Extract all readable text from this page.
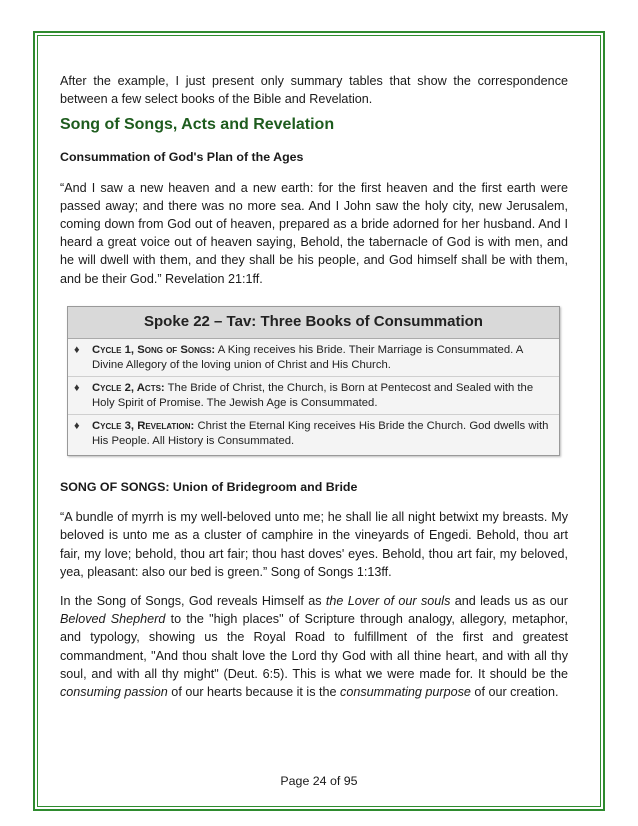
After the example, I just present only summary tables that show the correspondence between a few select books of the Bible and Revelation.

Song of Songs, Acts and Revelation

Consummation of God's Plan of the Ages

“And I saw a new heaven and a new earth: for the first heaven and the first earth were passed away; and there was no more sea. And I John saw the holy city, new Jerusalem, coming down from God out of heaven, prepared as a bride adorned for her husband. And I heard a great voice out of heaven saying, Behold, the tabernacle of God is with men, and he will dwell with them, and they shall be his people, and God himself shall be with them, and be their God.” Revelation 21:1ff.

Spoke 22 – Tav: Three Books of Consummation
♦	Cycle 1, Song of Songs: A King receives his Bride. Their Marriage is Consummated. A Divine Allegory of the loving union of Christ and His Church.
♦	Cycle 2, Acts: The Bride of Christ, the Church, is Born at Pentecost and Sealed with the Holy Spirit of Promise. The Jewish Age is Consummated.
♦	Cycle 3, Revelation: Christ the Eternal King receives His Bride the Church. God dwells with His People. All History is Consummated.

SONG OF SONGS: Union of Bridegroom and Bride

“A bundle of myrrh is my well-beloved unto me; he shall lie all night betwixt my breasts. My beloved is unto me as a cluster of camphire in the vineyards of Engedi. Behold, thou art fair, my love; behold, thou art fair; thou hast doves' eyes. Behold, thou art fair, my beloved, yea, pleasant: also our bed is green.” Song of Songs 1:13ff.

In the Song of Songs, God reveals Himself as the Lover of our souls and leads us as our Beloved Shepherd to the "high places" of Scripture through analogy, allegory, metaphor, and typology, showing us the Royal Road to fulfillment of the first and greatest commandment, "And thou shalt love the Lord thy God with all thine heart, and with all thy soul, and with all thy might" (Deut. 6:5). This is what we were made for. It should be the consuming passion of our hearts because it is the consummating purpose of our creation.

Page 24 of 95
